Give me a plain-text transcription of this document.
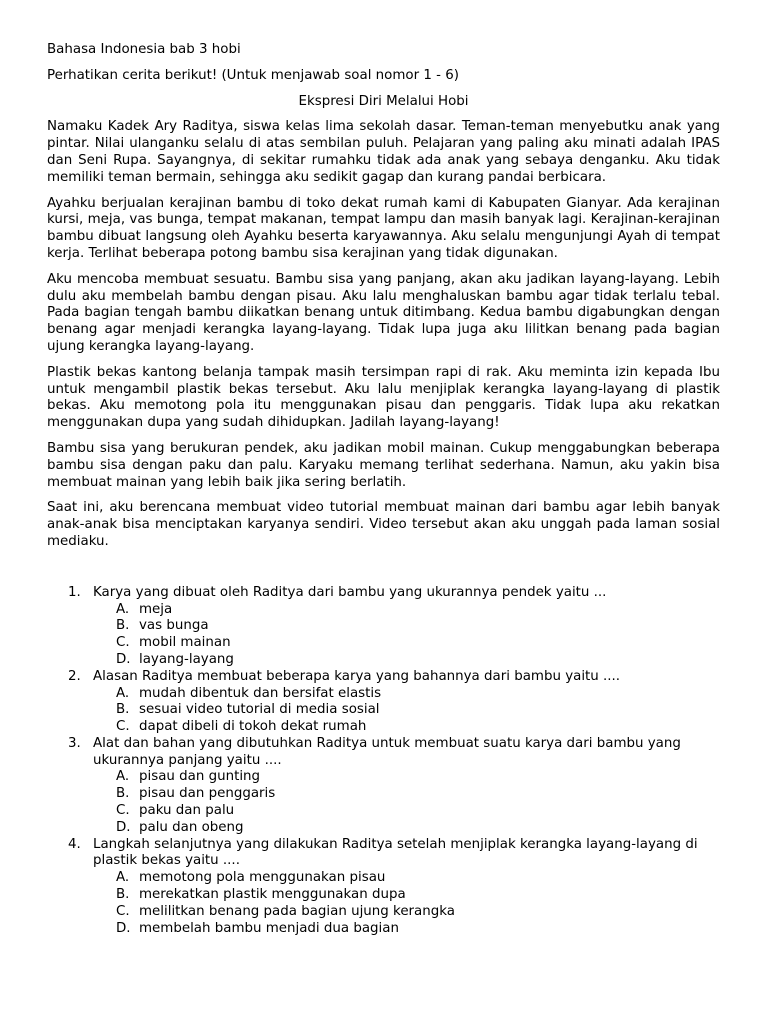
Bahasa Indonesia bab 3 hobi

Perhatikan cerita berikut! (Untuk menjawab soal nomor 1 - 6)

Ekspresi Diri Melalui Hobi

Namaku Kadek Ary Raditya, siswa kelas lima sekolah dasar. Teman-teman menyebutku anak yang pintar. Nilai ulanganku selalu di atas sembilan puluh. Pelajaran yang paling aku minati adalah IPAS dan Seni Rupa. Sayangnya, di sekitar rumahku tidak ada anak yang sebaya denganku. Aku tidak memiliki teman bermain, sehingga aku sedikit gagap dan kurang pandai berbicara.

Ayahku berjualan kerajinan bambu di toko dekat rumah kami di Kabupaten Gianyar. Ada kerajinan kursi, meja, vas bunga, tempat makanan, tempat lampu dan masih banyak lagi. Kerajinan-kerajinan bambu dibuat langsung oleh Ayahku beserta karyawannya. Aku selalu mengunjungi Ayah di tempat kerja. Terlihat beberapa potong bambu sisa kerajinan yang tidak digunakan.

Aku mencoba membuat sesuatu. Bambu sisa yang panjang, akan aku jadikan layang-layang. Lebih dulu aku membelah bambu dengan pisau. Aku lalu menghaluskan bambu agar tidak terlalu tebal. Pada bagian tengah bambu diikatkan benang untuk ditimbang. Kedua bambu digabungkan dengan benang agar menjadi kerangka layang-layang. Tidak lupa juga aku lilitkan benang pada bagian ujung kerangka layang-layang.

Plastik bekas kantong belanja tampak masih tersimpan rapi di rak. Aku meminta izin kepada Ibu untuk mengambil plastik bekas tersebut. Aku lalu menjiplak kerangka layang-layang di plastik bekas. Aku memotong pola itu menggunakan pisau dan penggaris. Tidak lupa aku rekatkan menggunakan dupa yang sudah dihidupkan. Jadilah layang-layang!

Bambu sisa yang berukuran pendek, aku jadikan mobil mainan. Cukup menggabungkan beberapa bambu sisa dengan paku dan palu. Karyaku memang terlihat sederhana. Namun, aku yakin bisa membuat mainan yang lebih baik jika sering berlatih.

Saat ini, aku berencana membuat video tutorial membuat mainan dari bambu agar lebih banyak anak-anak bisa menciptakan karyanya sendiri. Video tersebut akan aku unggah pada laman sosial mediaku.

1. Karya yang dibuat oleh Raditya dari bambu yang ukurannya pendek yaitu ...
A. meja
B. vas bunga
C. mobil mainan
D. layang-layang
2. Alasan Raditya membuat beberapa karya yang bahannya dari bambu yaitu ....
A. mudah dibentuk dan bersifat elastis
B. sesuai video tutorial di media sosial
C. dapat dibeli di tokoh dekat rumah
3. Alat dan bahan yang dibutuhkan Raditya untuk membuat suatu karya dari bambu yang ukurannya panjang yaitu ....
A. pisau dan gunting
B. pisau dan penggaris
C. paku dan palu
D. palu dan obeng
4. Langkah selanjutnya yang dilakukan Raditya setelah menjiplak kerangka layang-layang di plastik bekas yaitu ....
A. memotong pola menggunakan pisau
B. merekatkan plastik menggunakan dupa
C. melilitkan benang pada bagian ujung kerangka
D. membelah bambu menjadi dua bagian
